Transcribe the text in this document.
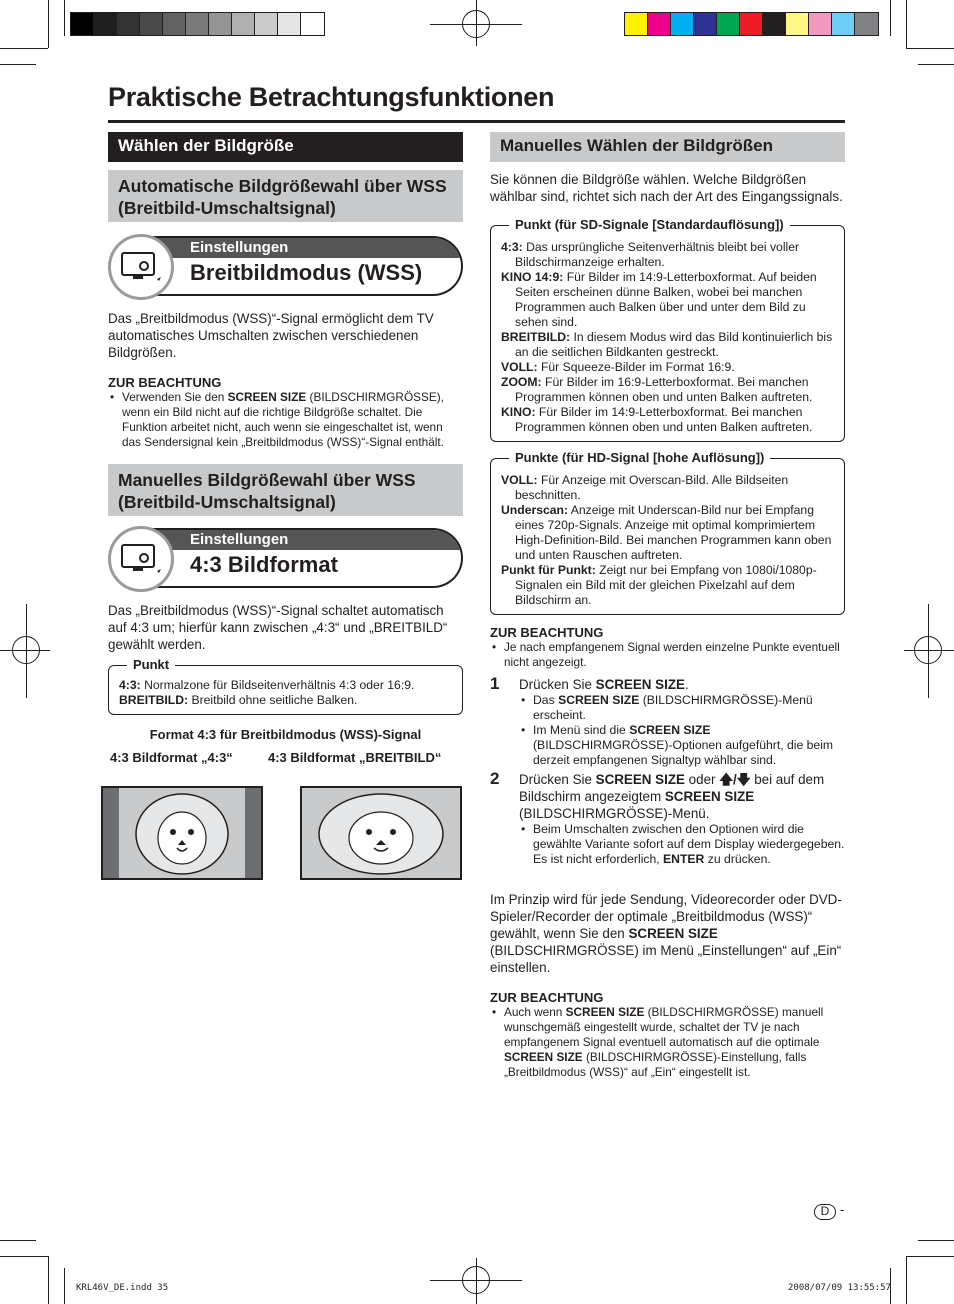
Praktische Betrachtungsfunktionen
Wählen der Bildgröße
Automatische Bildgrößewahl über WSS (Breitbild-Umschaltsignal)
Einstellungen
Breitbildmodus (WSS)
Das „Breitbildmodus (WSS)“-Signal ermöglicht dem TV automatisches Umschalten zwischen verschiedenen Bildgrößen.
ZUR BEACHTUNG
• Verwenden Sie den SCREEN SIZE (BILDSCHIRMGRÖSSE), wenn ein Bild nicht auf die richtige Bildgröße schaltet. Die Funktion arbeitet nicht, auch wenn sie eingeschaltet ist, wenn das Sendersignal kein „Breitbildmodus (WSS)“-Signal enthält.
Manuelles Bildgrößewahl über WSS (Breitbild-Umschaltsignal)
Einstellungen
4:3 Bildformat
Das „Breitbildmodus (WSS)“-Signal schaltet automatisch auf 4:3 um; hierfür kann zwischen „4:3“ und „BREITBILD“ gewählt werden.
Punkt
4:3: Normalzone für Bildseitenverhältnis 4:3 oder 16:9.
BREITBILD: Breitbild ohne seitliche Balken.
Format 4:3 für Breitbildmodus (WSS)-Signal
4:3 Bildformat „4:3“	4:3 Bildformat „BREITBILD“
Manuelles Wählen der Bildgrößen
Sie können die Bildgröße wählen. Welche Bildgrößen wählbar sind, richtet sich nach der Art des Eingangssignals.
Punkt (für SD-Signale [Standardauflösung])
4:3: Das ursprüngliche Seitenverhältnis bleibt bei voller Bildschirmanzeige erhalten.
KINO 14:9: Für Bilder im 14:9-Letterboxformat. Auf beiden Seiten erscheinen dünne Balken, wobei bei manchen Programmen auch Balken über und unter dem Bild zu sehen sind.
BREITBILD: In diesem Modus wird das Bild kontinuierlich bis an die seitlichen Bildkanten gestreckt.
VOLL: Für Squeeze-Bilder im Format 16:9.
ZOOM: Für Bilder im 16:9-Letterboxformat. Bei manchen Programmen können oben und unten Balken auftreten.
KINO: Für Bilder im 14:9-Letterboxformat. Bei manchen Programmen können oben und unten Balken auftreten.
Punkte (für HD-Signal [hohe Auflösung])
VOLL: Für Anzeige mit Overscan-Bild. Alle Bildseiten beschnitten.
Underscan: Anzeige mit Underscan-Bild nur bei Empfang eines 720p-Signals. Anzeige mit optimal komprimiertem High-Definition-Bild. Bei manchen Programmen kann oben und unten Rauschen auftreten.
Punkt für Punkt: Zeigt nur bei Empfang von 1080i/1080p-Signalen ein Bild mit der gleichen Pixelzahl auf dem Bildschirm an.
ZUR BEACHTUNG
• Je nach empfangenem Signal werden einzelne Punkte eventuell nicht angezeigt.
1 Drücken Sie SCREEN SIZE.
• Das SCREEN SIZE (BILDSCHIRMGRÖSSE)-Menü erscheint.
• Im Menü sind die SCREEN SIZE (BILDSCHIRMGRÖSSE)-Optionen aufgeführt, die beim derzeit empfangenen Signaltyp wählbar sind.
2 Drücken Sie SCREEN SIZE oder 🡅/🡇 bei auf dem Bildschirm angezeigtem SCREEN SIZE (BILDSCHIRMGRÖSSE)-Menü.
• Beim Umschalten zwischen den Optionen wird die gewählte Variante sofort auf dem Display wiedergegeben. Es ist nicht erforderlich, ENTER zu drücken.
Im Prinzip wird für jede Sendung, Videorecorder oder DVD-Spieler/Recorder der optimale „Breitbildmodus (WSS)“ gewählt, wenn Sie den SCREEN SIZE (BILDSCHIRMGRÖSSE) im Menü „Einstellungen“ auf „Ein“ einstellen.
ZUR BEACHTUNG
• Auch wenn SCREEN SIZE (BILDSCHIRMGRÖSSE) manuell wunschgemäß eingestellt wurde, schaltet der TV je nach empfangenem Signal eventuell automatisch auf die optimale SCREEN SIZE (BILDSCHIRMGRÖSSE)-Einstellung, falls „Breitbildmodus (WSS)“ auf „Ein“ eingestellt ist.
D -
KRL46V_DE.indd 35	2008/07/09 13:55:57
